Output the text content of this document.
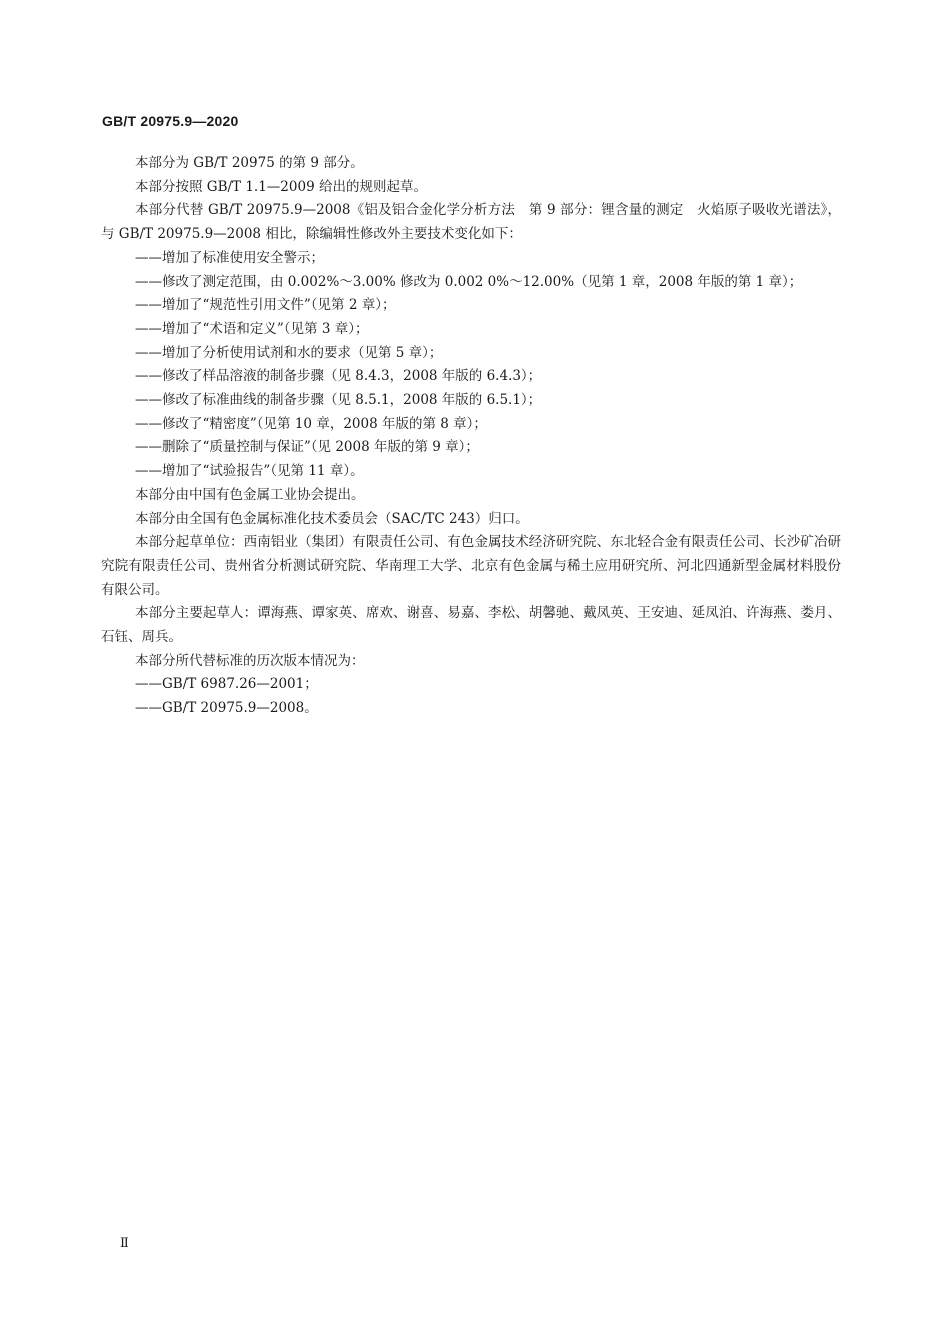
GB/T 20975.9—2020

本部分为 GB/T 20975 的第 9 部分。

本部分按照 GB/T 1.1—2009 给出的规则起草。

本部分代替 GB/T 20975.9—2008《铝及铝合金化学分析方法　第 9 部分：锂含量的测定　火焰原子吸收光谱法》，与 GB/T 20975.9—2008 相比，除编辑性修改外主要技术变化如下：

——增加了标准使用安全警示；

——修改了测定范围，由 0.002%～3.00% 修改为 0.002 0%～12.00%（见第 1 章，2008 年版的第 1 章）；

——增加了“规范性引用文件”（见第 2 章）；

——增加了“术语和定义”（见第 3 章）；

——增加了分析使用试剂和水的要求（见第 5 章）；

——修改了样品溶液的制备步骤（见 8.4.3，2008 年版的 6.4.3）；

——修改了标准曲线的制备步骤（见 8.5.1，2008 年版的 6.5.1）；

——修改了“精密度”（见第 10 章，2008 年版的第 8 章）；

——删除了“质量控制与保证”（见 2008 年版的第 9 章）；

——增加了“试验报告”（见第 11 章）。

本部分由中国有色金属工业协会提出。

本部分由全国有色金属标准化技术委员会（SAC/TC 243）归口。

本部分起草单位：西南铝业（集团）有限责任公司、有色金属技术经济研究院、东北轻合金有限责任公司、长沙矿冶研究院有限责任公司、贵州省分析测试研究院、华南理工大学、北京有色金属与稀土应用研究所、河北四通新型金属材料股份有限公司。

本部分主要起草人：谭海燕、谭家英、席欢、谢喜、易嘉、李松、胡馨驰、戴凤英、王安迪、延凤泊、许海燕、娄月、石钰、周兵。

本部分所代替标准的历次版本情况为：

——GB/T 6987.26—2001；

——GB/T 20975.9—2008。

Ⅱ
